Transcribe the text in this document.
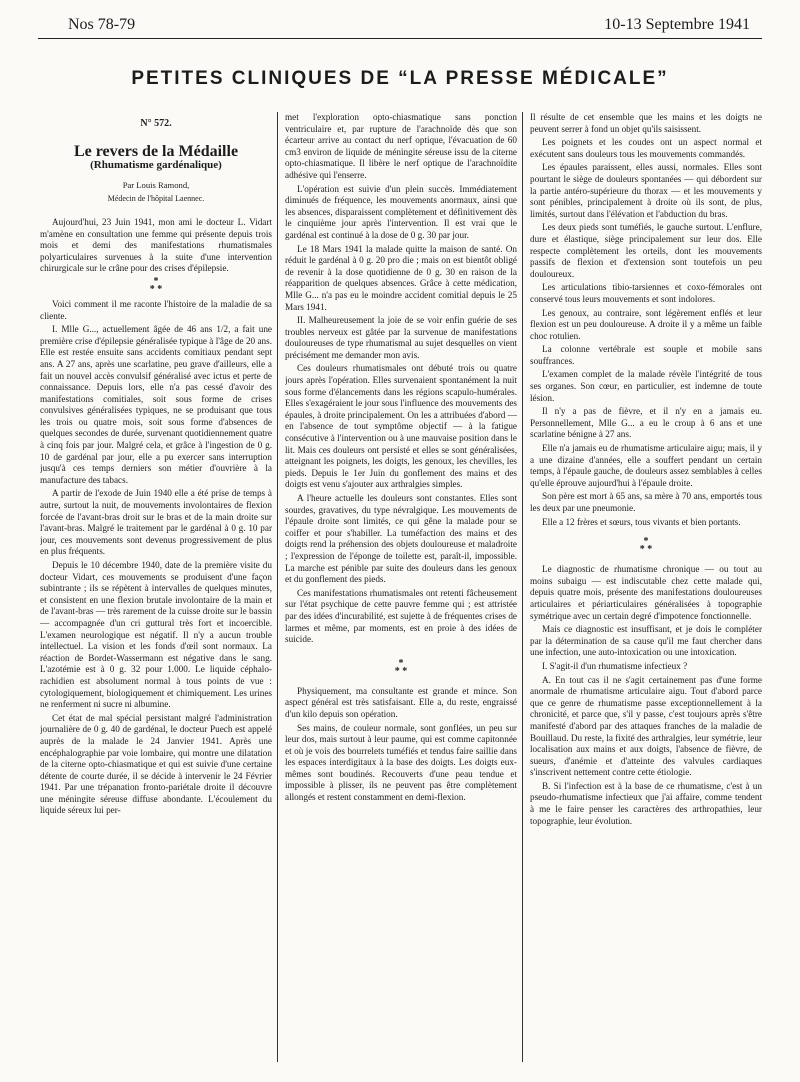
Nos 78-79	10-13 Septembre 1941
PETITES CLINIQUES DE “LA PRESSE MÉDICALE”
N° 572.
Le revers de la Médaille
(Rhumatisme gardénalique)
Par Louis Ramond,
Médecin de l'hôpital Laennec.

Aujourd'hui, 23 Juin 1941, mon ami le docteur L. Vidart m'amène en consultation une femme qui présente depuis trois mois et demi des manifestations rhumatismales polyarticulaires survenues à la suite d'une intervention chirurgicale sur le crâne pour des crises d'épilepsie.

*
* *

Voici comment il me raconte l'histoire de la maladie de sa cliente.

I. Mlle G..., actuellement âgée de 46 ans 1/2, a fait une première crise d'épilepsie généralisée typique à l'âge de 20 ans. Elle est restée ensuite sans accidents comitiaux pendant sept ans. A 27 ans, après une scarlatine, peu grave d'ailleurs, elle a fait un nouvel accès convulsif généralisé avec ictus et perte de connaissance. Depuis lors, elle n'a pas cessé d'avoir des manifestations comitiales, soit sous forme de crises convulsives généralisées typiques, ne se produisant que tous les trois ou quatre mois, soit sous forme d'absences de quelques secondes de durée, survenant quotidiennement quatre à cinq fois par jour. Malgré cela, et grâce à l'ingestion de 0 g. 10 de gardénal par jour, elle a pu exercer sans interruption jusqu'à ces temps derniers son métier d'ouvrière à la manufacture des tabacs.

A partir de l'exode de Juin 1940 elle a été prise de temps à autre, surtout la nuit, de mouvements involontaires de flexion forcée de l'avant-bras droit sur le bras et de la main droite sur l'avant-bras. Malgré le traitement par le gardénal à 0 g. 10 par jour, ces mouvements sont devenus progressivement de plus en plus fréquents.

Depuis le 10 décembre 1940, date de la première visite du docteur Vidart, ces mouvements se produisent d'une façon subintrante ; ils se répètent à intervalles de quelques minutes, et consistent en une flexion brutale involontaire de la main et de l'avant-bras — très rarement de la cuisse droite sur le bassin — accompagnée d'un cri guttural très fort et incoercible. L'examen neurologique est négatif. Il n'y a aucun trouble intellectuel. La vision et les fonds d'œil sont normaux. La réaction de Bordet-Wassermann est négative dans le sang. L'azotémie est à 0 g. 32 pour 1.000. Le liquide céphalo-rachidien est absolument normal à tous points de vue : cytologiquement, biologiquement et chimiquement. Les urines ne renferment ni sucre ni albumine.

Cet état de mal spécial persistant malgré l'administration journalière de 0 g. 40 de gardénal, le docteur Puech est appelé auprès de la malade le 24 Janvier 1941. Après une encéphalographie par voie lombaire, qui montre une dilatation de la citerne opto-chiasmatique et qui est suivie d'une certaine détente de courte durée, il se décide à intervenir le 24 Février 1941. Par une trépanation fronto-pariétale droite il découvre une méningite séreuse diffuse abondante. L'écoulement du liquide séreux lui per-

met l'exploration opto-chiasmatique sans ponction ventriculaire et, par rupture de l'arachnoïde dès que son écarteur arrive au contact du nerf optique, l'évacuation de 60 cm3 environ de liquide de méningite séreuse issu de la citerne opto-chiasmatique. Il libère le nerf optique de l'arachnoïdite adhésive qui l'enserre.

L'opération est suivie d'un plein succès. Immédiatement diminués de fréquence, les mouvements anormaux, ainsi que les absences, disparaissent complètement et définitivement dès le cinquième jour après l'intervention. Il est vrai que le gardénal est continué à la dose de 0 g. 30 par jour.

Le 18 Mars 1941 la malade quitte la maison de santé. On réduit le gardénal à 0 g. 20 pro die ; mais on est bientôt obligé de revenir à la dose quotidienne de 0 g. 30 en raison de la réapparition de quelques absences. Grâce à cette médication, Mlle G... n'a pas eu le moindre accident comitial depuis le 25 Mars 1941.

II. Malheureusement la joie de se voir enfin guérie de ses troubles nerveux est gâtée par la survenue de manifestations douloureuses de type rhumatismal au sujet desquelles on vient précisément me demander mon avis.

Ces douleurs rhumatismales ont débuté trois ou quatre jours après l'opération. Elles survenaient spontanément la nuit sous forme d'élancements dans les régions scapulo-humérales. Elles s'exagéraient le jour sous l'influence des mouvements des épaules, à droite principalement. On les a attribuées d'abord — en l'absence de tout symptôme objectif — à la fatigue consécutive à l'intervention ou à une mauvaise position dans le lit. Mais ces douleurs ont persisté et elles se sont généralisées, atteignant les poignets, les doigts, les genoux, les chevilles, les pieds. Depuis le 1er Juin du gonflement des mains et des doigts est venu s'ajouter aux arthralgies simples.

A l'heure actuelle les douleurs sont constantes. Elles sont sourdes, gravatives, du type névralgique. Les mouvements de l'épaule droite sont limités, ce qui gêne la malade pour se coiffer et pour s'habiller. La tuméfaction des mains et des doigts rend la préhension des objets douloureuse et maladroite ; l'expression de l'éponge de toilette est, paraît-il, impossible. La marche est pénible par suite des douleurs dans les genoux et du gonflement des pieds.

Ces manifestations rhumatismales ont retenti fâcheusement sur l'état psychique de cette pauvre femme qui ; est attristée par des idées d'incurabilité, est sujette à de fréquentes crises de larmes et même, par moments, est en proie à des idées de suicide.

*
* *

Physiquement, ma consultante est grande et mince. Son aspect général est très satisfaisant. Elle a, du reste, engraissé d'un kilo depuis son opération.

Ses mains, de couleur normale, sont gonflées, un peu sur leur dos, mais surtout à leur paume, qui est comme capitonnée et où je vois des bourrelets tuméfiés et tendus faire saillie dans les espaces interdigitaux à la base des doigts. Les doigts eux-mêmes sont boudinés. Recouverts d'une peau tendue et impossible à plisser, ils ne peuvent pas être complètement allongés et restent constamment en demi-flexion.

Il résulte de cet ensemble que les mains et les doigts ne peuvent serrer à fond un objet qu'ils saisissent.

Les poignets et les coudes ont un aspect normal et exécutent sans douleurs tous les mouvements commandés.

Les épaules paraissent, elles aussi, normales. Elles sont pourtant le siège de douleurs spontanées — qui débordent sur la partie antéro-supérieure du thorax — et les mouvements y sont pénibles, principalement à droite où ils sont, de plus, limités, surtout dans l'élévation et l'abduction du bras.

Les deux pieds sont tuméfiés, le gauche surtout. L'enflure, dure et élastique, siège principalement sur leur dos. Elle respecte complètement les orteils, dont les mouvements passifs de flexion et d'extension sont toutefois un peu douloureux.

Les articulations tibio-tarsiennes et coxo-fémorales ont conservé tous leurs mouvements et sont indolores.

Les genoux, au contraire, sont légèrement enflés et leur flexion est un peu douloureuse. A droite il y a même un faible choc rotulien.

La colonne vertébrale est souple et mobile sans souffrances.

L'examen complet de la malade révèle l'intégrité de tous ses organes. Son cœur, en particulier, est indemne de toute lésion.

Il n'y a pas de fièvre, et il n'y en a jamais eu. Personnellement, Mlle G... a eu le croup à 6 ans et une scarlatine bénigne à 27 ans.

Elle n'a jamais eu de rhumatisme articulaire aigu; mais, il y a une dizaine d'années, elle a souffert pendant un certain temps, à l'épaule gauche, de douleurs assez semblables à celles qu'elle éprouve aujourd'hui à l'épaule droite.

Son père est mort à 65 ans, sa mère à 70 ans, emportés tous les deux par une pneumonie.

Elle a 12 frères et sœurs, tous vivants et bien portants.

*
* *

Le diagnostic de rhumatisme chronique — ou tout au moins subaigu — est indiscutable chez cette malade qui, depuis quatre mois, présente des manifestations douloureuses articulaires et périarticulaires généralisées à topographie symétrique avec un certain degré d'impotence fonctionnelle.

Mais ce diagnostic est insuffisant, et je dois le compléter par la détermination de sa cause qu'il me faut chercher dans une infection, une auto-intoxication ou une intoxication.

I. S'agit-il d'un rhumatisme infectieux ?

A. En tout cas il ne s'agit certainement pas d'une forme anormale de rhumatisme articulaire aigu. Tout d'abord parce que ce genre de rhumatisme passe exceptionnellement à la chronicité, et parce que, s'il y passe, c'est toujours après s'être manifesté d'abord par des attaques franches de la maladie de Bouillaud. Du reste, la fixité des arthralgies, leur symétrie, leur localisation aux mains et aux doigts, l'absence de fièvre, de sueurs, d'anémie et d'atteinte des valvules cardiaques s'inscrivent nettement contre cette étiologie.

B. Si l'infection est à la base de ce rhumatisme, c'est à un pseudo-rhumatisme infectieux que j'ai affaire, comme tendent à me le faire penser les caractères des arthropathies, leur topographie, leur évolution.
